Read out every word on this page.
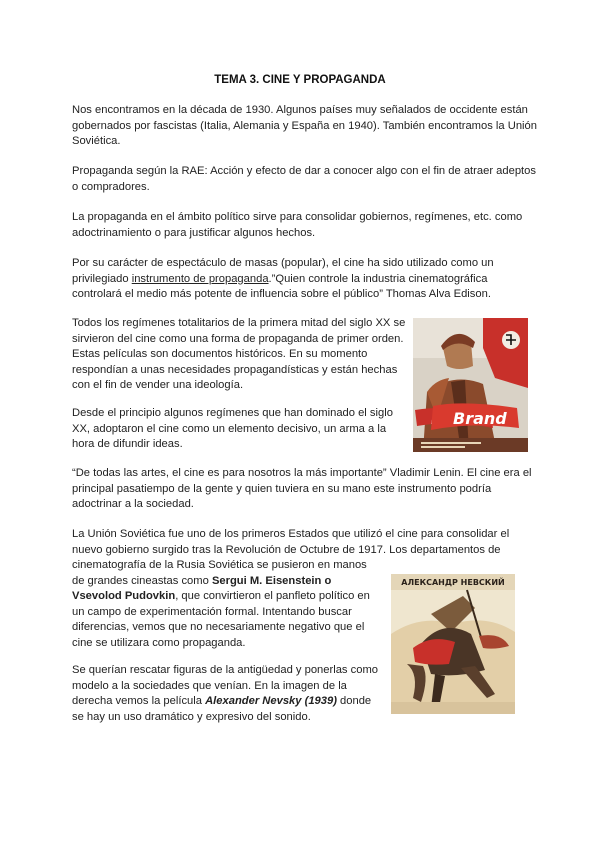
TEMA 3. CINE Y PROPAGANDA

Nos encontramos en la década de 1930. Algunos países muy señalados de occidente están gobernados por fascistas (Italia, Alemania y España en 1940). También encontramos la Unión Soviética.

Propaganda según la RAE: Acción y efecto de dar a conocer algo con el fin de atraer adeptos o compradores.

La propaganda en el ámbito político sirve para consolidar gobiernos, regímenes, etc. como adoctrinamiento o para justificar algunos hechos.

Por su carácter de espectáculo de masas (popular), el cine ha sido utilizado como un privilegiado instrumento de propaganda.”Quien controle la industria cinematográfica controlará el medio más potente de influencia sobre el público” Thomas Alva Edison.

Todos los regímenes totalitarios de la primera mitad del siglo XX se sirvieron del cine como una forma de propaganda de primer orden. Estas películas son documentos históricos. En su momento respondían a unas necesidades propagandísticas y están hechas con el fin de vender una ideología.

Desde el principio algunos regímenes que han dominado el siglo XX, adoptaron el cine como un elemento decisivo, un arma a la hora de difundir ideas.

“De todas las artes, el cine es para nosotros la más importante” Vladimir Lenin. El cine era el principal pasatiempo de la gente y quien tuviera en su mano este instrumento podría adoctrinar a la sociedad.

La Unión Soviética fue uno de los primeros Estados que utilizó el cine para consolidar el nuevo gobierno surgido tras la Revolución de Octubre de 1917. Los departamentos de

cinematografía de la Rusia Soviética se pusieron en manos de grandes cineastas como Sergui M. Eisenstein o Vsevolod Pudovkin, que convirtieron el panfleto político en un campo de experimentación formal. Intentando buscar diferencias, vemos que no necesariamente negativo que el cine se utilizara como propaganda.

Se querían rescatar figuras de la antigüedad y ponerlas como modelo a la sociedades que venían. En la imagen de la derecha vemos la película Alexander Nevsky (1939) donde se hay un uso dramático y expresivo del sonido.

Brand
АЛЕКСАНДР НЕВСКИЙ
